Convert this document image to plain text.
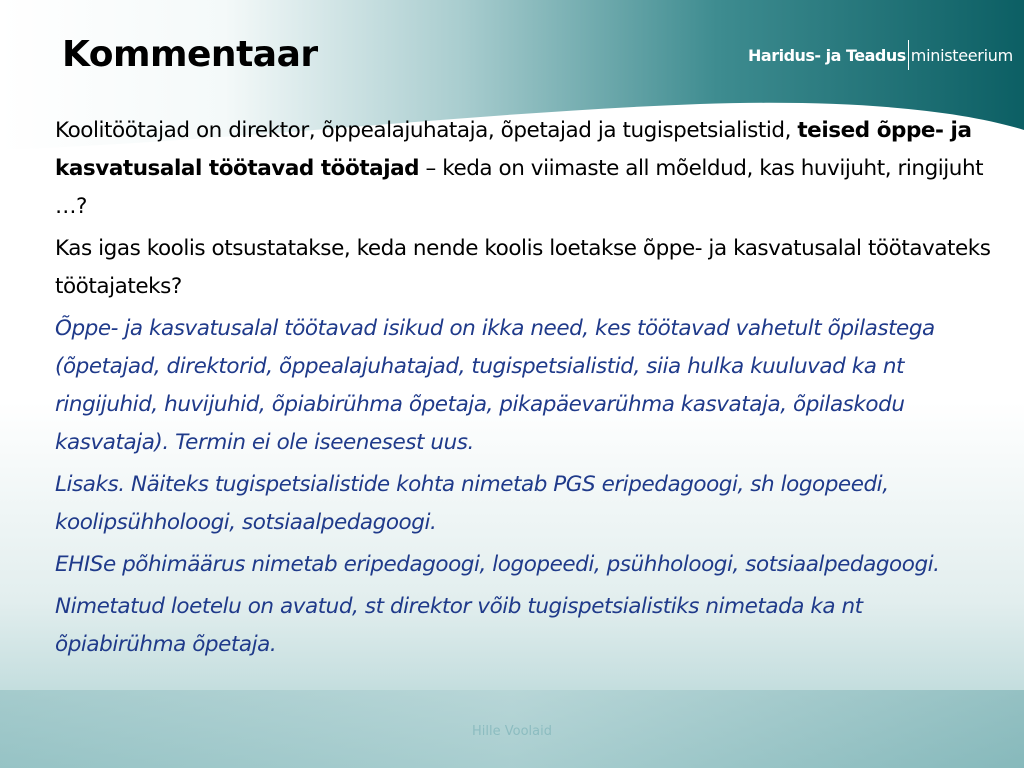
Kommentaar	Haridus- ja Teadus ministeerium

Koolitöötajad on direktor, õppealajuhataja, õpetajad ja tugispetsialistid, teised õppe- ja kasvatusalal töötavad töötajad – keda on viimaste all mõeldud, kas huvijuht, ringijuht …?

Kas igas koolis otsustatakse, keda nende koolis loetakse õppe- ja kasvatusalal töötavateks töötajateks?

Õppe- ja kasvatusalal töötavad isikud on ikka need, kes töötavad vahetult õpilastega (õpetajad, direktorid, õppealajuhatajad, tugispetsialistid, siia hulka kuuluvad ka nt ringijuhid, huvijuhid, õpiabirühma õpetaja, pikapäevarühma kasvataja, õpilaskodu kasvataja). Termin ei ole iseenesest uus.

Lisaks. Näiteks tugispetsialistide kohta nimetab PGS eripedagoogi, sh logopeedi, koolipsühholoogi, sotsiaalpedagoogi.

EHISe põhimäärus nimetab eripedagoogi, logopeedi, psühholoogi, sotsiaalpedagoogi.

Nimetatud loetelu on avatud, st direktor võib tugispetsialistiks nimetada ka nt õpiabirühma õpetaja.

Hille Voolaid
